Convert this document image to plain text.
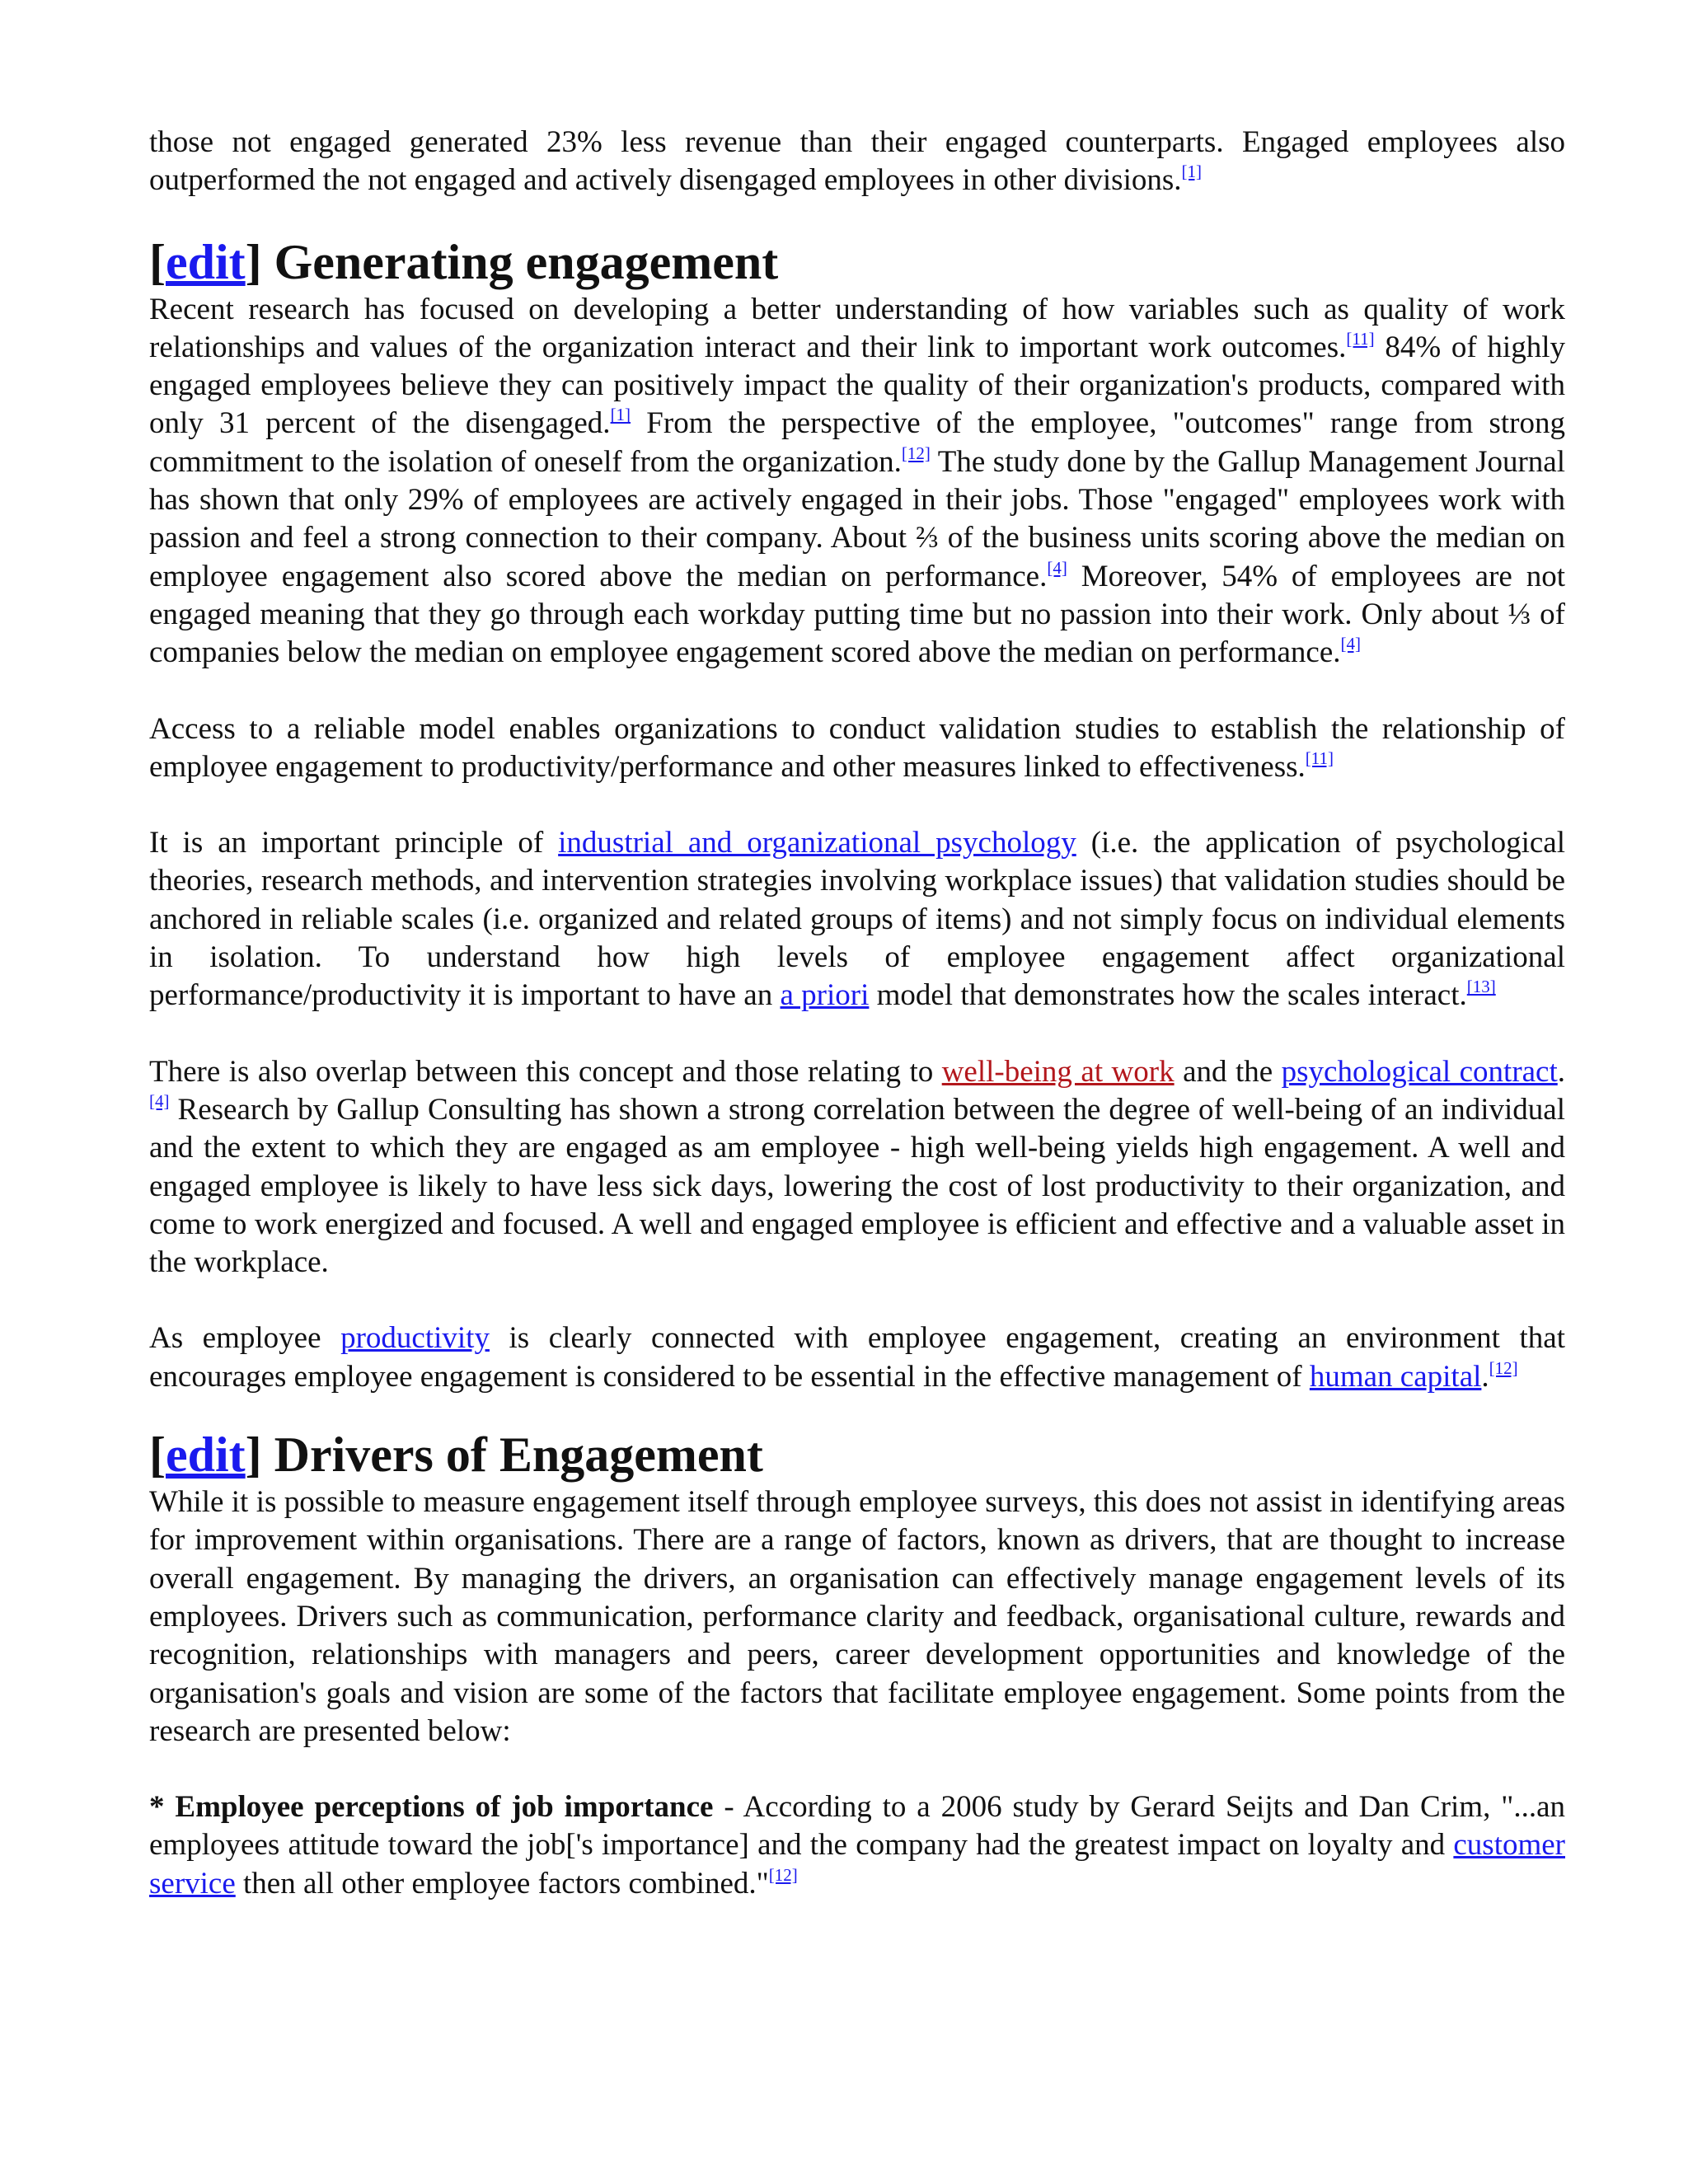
those not engaged generated 23% less revenue than their engaged counterparts. Engaged employees also outperformed the not engaged and actively disengaged employees in other divisions.[1]

[edit] Generating engagement

Recent research has focused on developing a better understanding of how variables such as quality of work relationships and values of the organization interact and their link to important work outcomes.[11] 84% of highly engaged employees believe they can positively impact the quality of their organization's products, compared with only 31 percent of the disengaged.[1] From the perspective of the employee, "outcomes" range from strong commitment to the isolation of oneself from the organization.[12] The study done by the Gallup Management Journal has shown that only 29% of employees are actively engaged in their jobs. Those "engaged" employees work with passion and feel a strong connection to their company. About ⅔ of the business units scoring above the median on employee engagement also scored above the median on performance.[4] Moreover, 54% of employees are not engaged meaning that they go through each workday putting time but no passion into their work. Only about ⅓ of companies below the median on employee engagement scored above the median on performance.[4]

Access to a reliable model enables organizations to conduct validation studies to establish the relationship of employee engagement to productivity/performance and other measures linked to effectiveness.[11]

It is an important principle of industrial and organizational psychology (i.e. the application of psychological theories, research methods, and intervention strategies involving workplace issues) that validation studies should be anchored in reliable scales (i.e. organized and related groups of items) and not simply focus on individual elements in isolation. To understand how high levels of employee engagement affect organizational performance/productivity it is important to have an a priori model that demonstrates how the scales interact.[13]

There is also overlap between this concept and those relating to well-being at work and the psychological contract.[4] Research by Gallup Consulting has shown a strong correlation between the degree of well-being of an individual and the extent to which they are engaged as am employee - high well-being yields high engagement. A well and engaged employee is likely to have less sick days, lowering the cost of lost productivity to their organization, and come to work energized and focused. A well and engaged employee is efficient and effective and a valuable asset in the workplace.

As employee productivity is clearly connected with employee engagement, creating an environment that encourages employee engagement is considered to be essential in the effective management of human capital.[12]

[edit] Drivers of Engagement

While it is possible to measure engagement itself through employee surveys, this does not assist in identifying areas for improvement within organisations. There are a range of factors, known as drivers, that are thought to increase overall engagement. By managing the drivers, an organisation can effectively manage engagement levels of its employees. Drivers such as communication, performance clarity and feedback, organisational culture, rewards and recognition, relationships with managers and peers, career development opportunities and knowledge of the organisation's goals and vision are some of the factors that facilitate employee engagement. Some points from the research are presented below:

* Employee perceptions of job importance - According to a 2006 study by Gerard Seijts and Dan Crim, "...an employees attitude toward the job['s importance] and the company had the greatest impact on loyalty and customer service then all other employee factors combined."[12]
